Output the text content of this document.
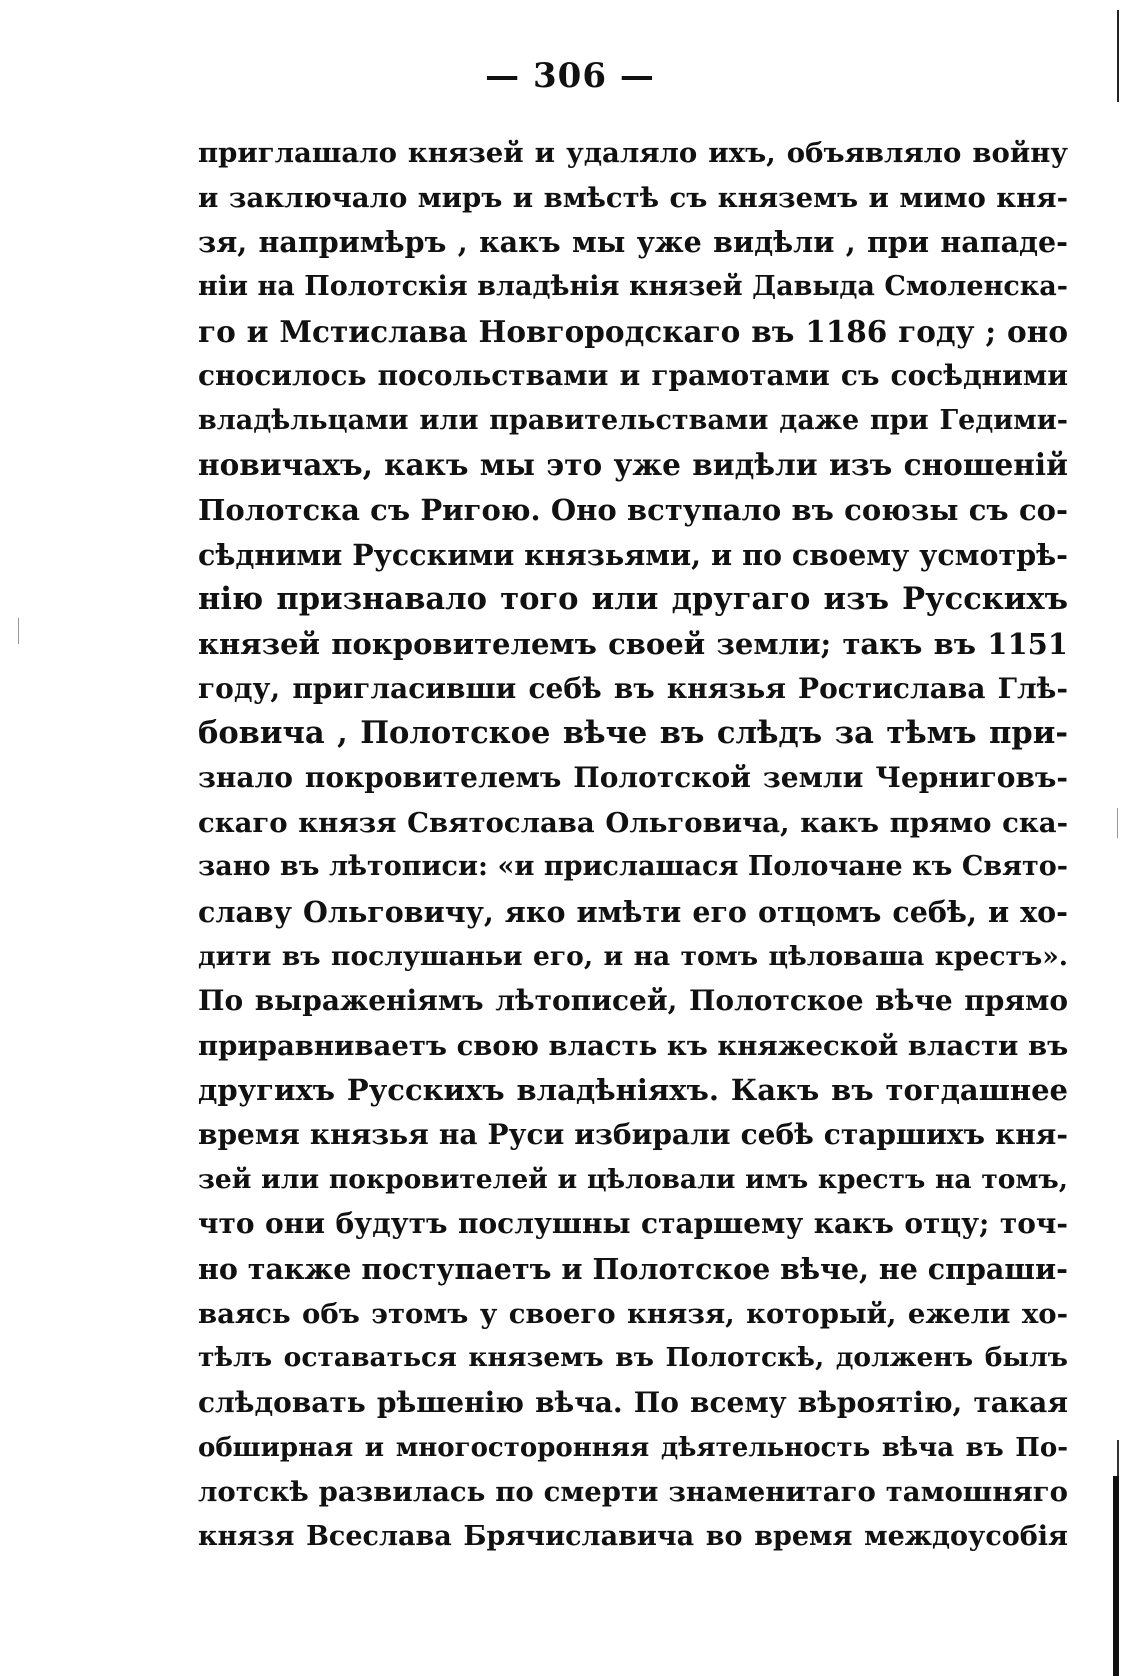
— 306 —
приглашало князей и удаляло ихъ, объявляло войну
и заключало миръ и вмѣстѣ съ княземъ и мимо кня-
зя, напримѣръ , какъ мы уже видѣли , при нападе-
ніи на Полотскія владѣнія князей Давыда Смоленска-
го и Мстислава Новгородскаго въ 1186 году ; оно
сносилось посольствами и грамотами съ сосѣдними
владѣльцами или правительствами даже при Гедими-
новичахъ, какъ мы это уже видѣли изъ сношеній
Полотска съ Ригою. Оно вступало въ союзы съ со-
сѣдними Русскими князьями, и по своему усмотрѣ-
нію признавало того или другаго изъ Русскихъ
князей покровителемъ своей земли; такъ въ 1151
году, пригласивши себѣ въ князья Ростислава Глѣ-
бовича , Полотское вѣче въ слѣдъ за тѣмъ при-
знало покровителемъ Полотской земли Черниговъ-
скаго князя Святослава Ольговича, какъ прямо ска-
зано въ лѣтописи: «и прислашася Полочане къ Свято-
славу Ольговичу, яко имѣти его отцомъ себѣ, и хо-
дити въ послушаньи его, и на томъ цѣловаша крестъ».
По выраженіямъ лѣтописей, Полотское вѣче прямо
приравниваетъ свою власть къ княжеской власти въ
другихъ Русскихъ владѣніяхъ. Какъ въ тогдашнее
время князья на Руси избирали себѣ старшихъ кня-
зей или покровителей и цѣловали имъ крестъ на томъ,
что они будутъ послушны старшему какъ отцу; точ-
но также поступаетъ и Полотское вѣче, не спраши-
ваясь объ этомъ у своего князя, который, ежели хо-
тѣлъ оставаться княземъ въ Полотскѣ, долженъ былъ
слѣдовать рѣшенію вѣча. По всему вѣроятію, такая
обширная и многосторонняя дѣятельность вѣча въ По-
лотскѣ развилась по смерти знаменитаго тамошняго
князя Всеслава Брячиславича во время междоусобія
